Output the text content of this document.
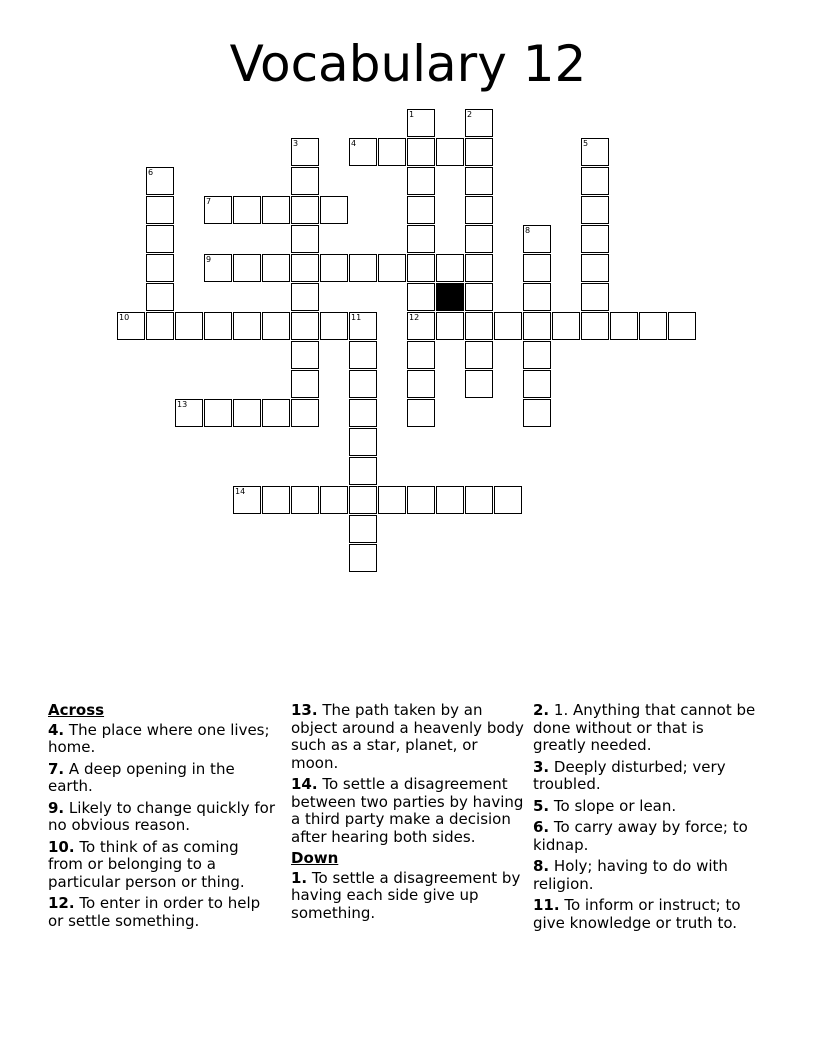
Vocabulary 12
4
7
9
10	12
13
14
1	2
3	5
6
8
11
Across
4. The place where one lives; home.
7. A deep opening in the earth.
9. Likely to change quickly for no obvious reason.
10. To think of as coming from or belonging to a particular person or thing.
12. To enter in order to help or settle something.
13. The path taken by an object around a heavenly body such as a star, planet, or moon.
14. To settle a disagreement between two parties by having a third party make a decision after hearing both sides.
Down
1. To settle a disagreement by having each side give up something.
2. 1. Anything that cannot be done without or that is greatly needed.
3. Deeply disturbed; very troubled.
5. To slope or lean.
6. To carry away by force; to kidnap.
8. Holy; having to do with religion.
11. To inform or instruct; to give knowledge or truth to.
